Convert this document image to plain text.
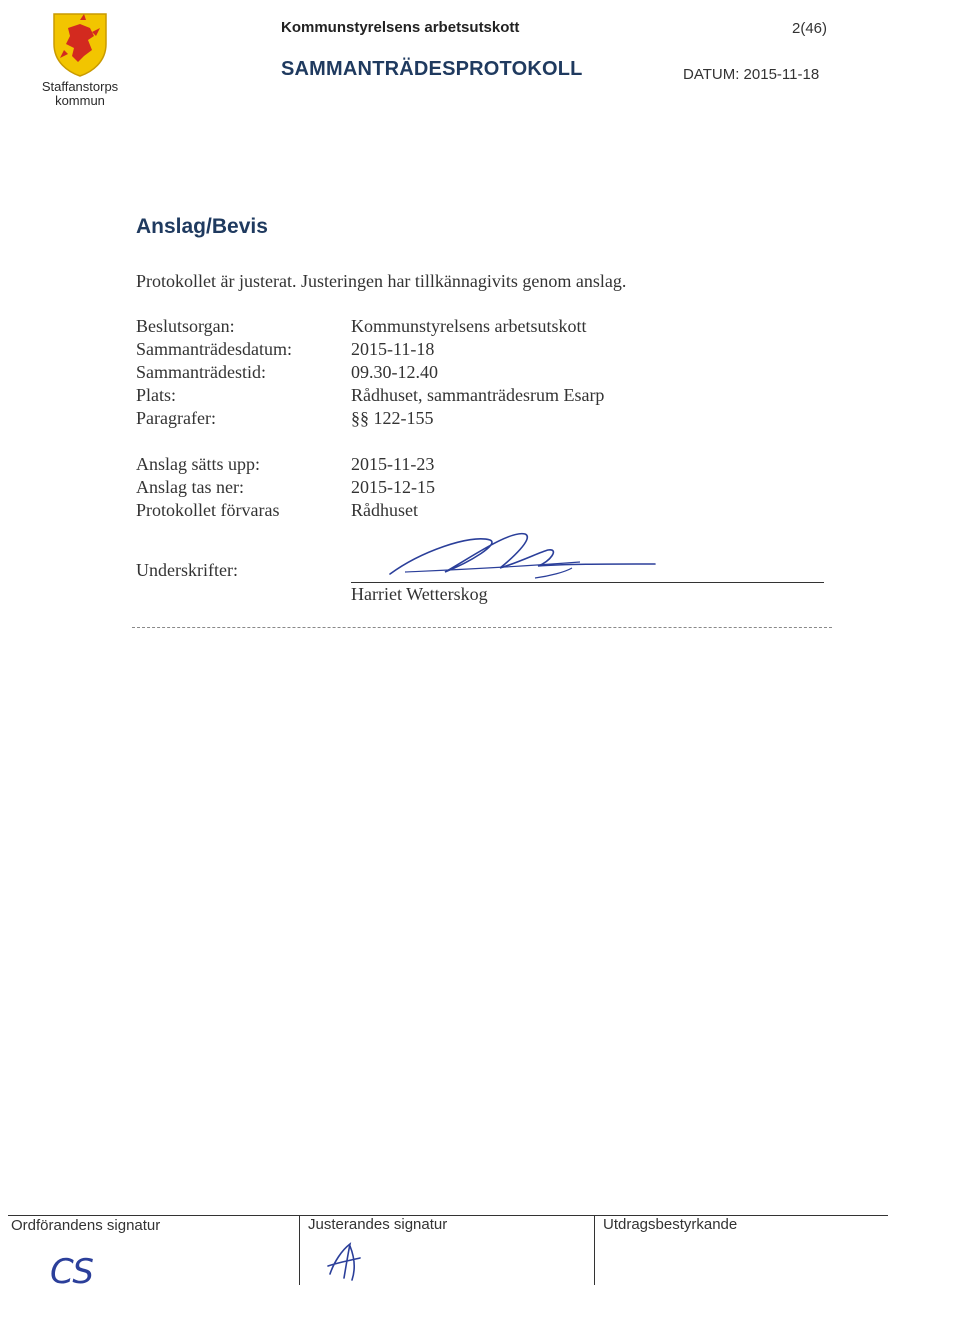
Staffanstorps
kommun
Kommunstyrelsens arbetsutskott	2(46)
SAMMANTRÄDESPROTOKOLL	DATUM: 2015-11-18
Anslag/Bevis
Protokollet är justerat. Justeringen har tillkännagivits genom anslag.
Beslutsorgan:	Kommunstyrelsens arbetsutskott
Sammanträdesdatum:	2015-11-18
Sammanträdestid:	09.30-12.40
Plats:	Rådhuset, sammanträdesrum Esarp
Paragrafer:	§§ 122-155
Anslag sätts upp:	2015-11-23
Anslag tas ner:	2015-12-15
Protokollet förvaras	Rådhuset
Underskrifter:
Harriet Wetterskog
Ordförandens signatur	Justerandes signatur	Utdragsbestyrkande
CS
